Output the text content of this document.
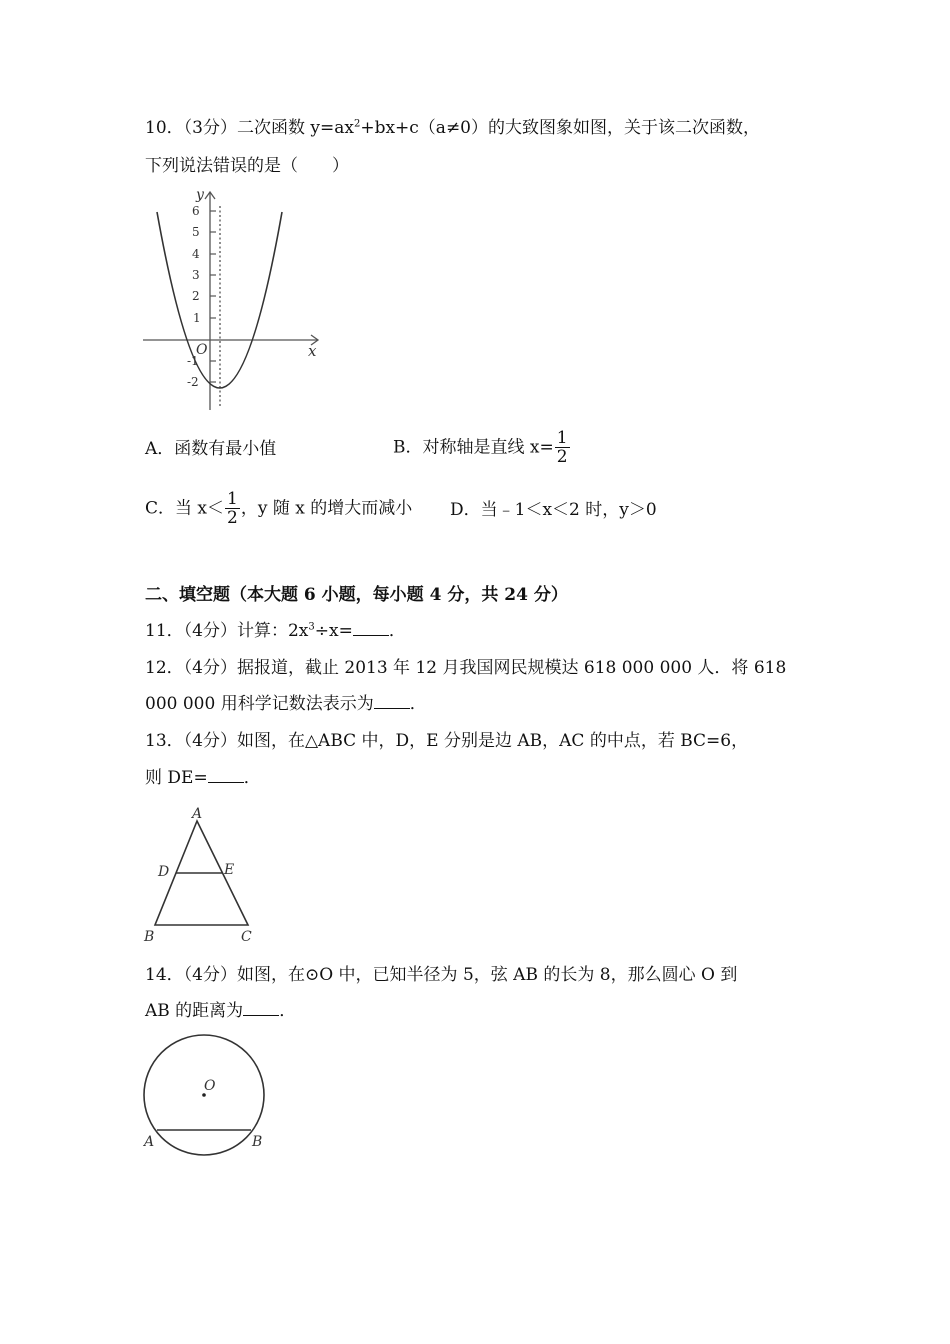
10．（3分）二次函数 $y=ax^2+bx+c(a\ne 0)$的大致图象如图，关于该二次函数，
下列说法错误的是（　　）
6
5
4
3
2
1
-1
-2
y
x
O
A．函数有最小值	B．对称轴是直线 $x= \frac{1}{2}$
C．当 $x< \frac{1}{2}$ ，y 随 x 的增大而减小 D．当﹣1＜x＜2 时，y＞0
二、填空题（本大题 6 小题，每小题 4 分，共 24 分）
11．（4分）计算：$2x^3\div x=$ ．
12．（4分）据报道，截止 2013 年 12 月我国网民规模达 618 000 000 人．将 618
000 000 用科学记数法表示为 ．
13．（4分）如图，在△ABC 中，D，E 分别是边 AB，AC 的中点，若 BC=6，
则 DE= ．
A
D	E
B	C
14．（4分）如图，在⊙O 中，已知半径为 5，弦 AB 的长为 8，那么圆心 O 到
AB 的距离为 ．
O
A	B
